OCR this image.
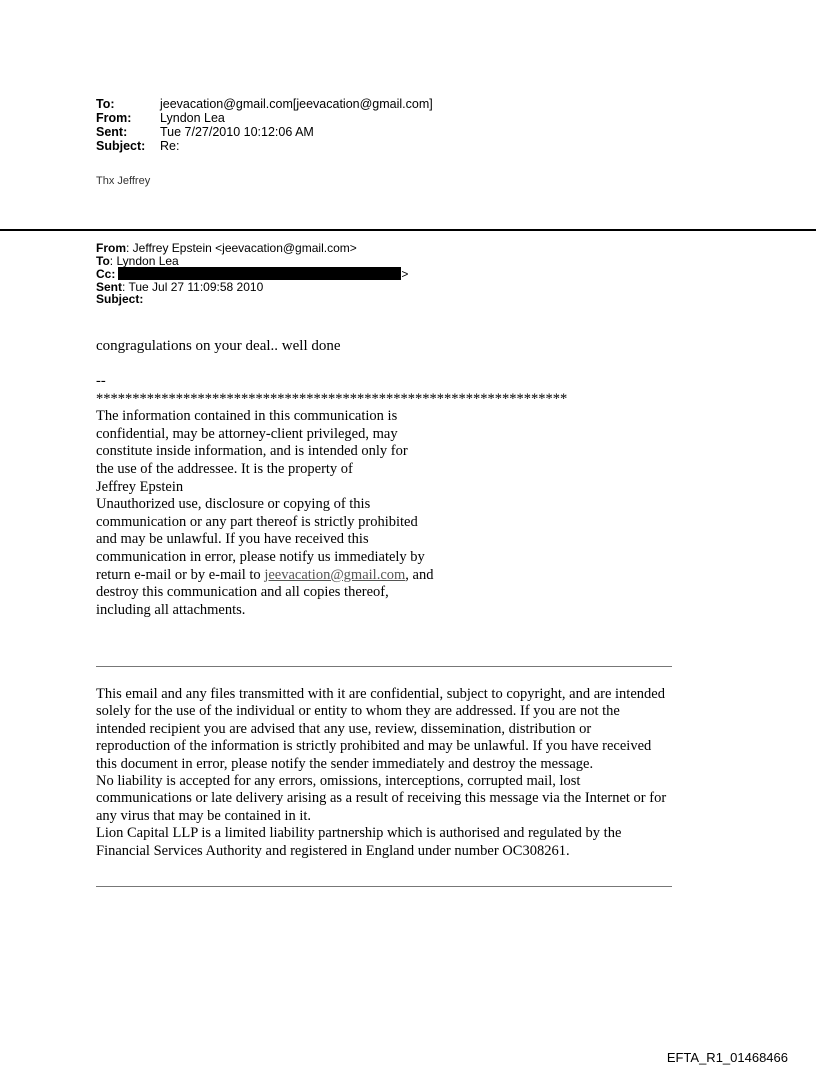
To:	jeevacation@gmail.com[jeevacation@gmail.com]
From:	Lyndon Lea
Sent:	Tue 7/27/2010 10:12:06 AM
Subject:	Re:
Thx Jeffrey
From: Jeffrey Epstein <jeevacation@gmail.com>
To: Lyndon Lea
Cc:	>
Sent: Tue Jul 27 11:09:58 2010
Subject:
congragulations on your deal.. well done
--
*****************************************************************
The information contained in this communication is
confidential, may be attorney-client privileged, may
constitute inside information, and is intended only for
the use of the addressee. It is the property of
Jeffrey Epstein
Unauthorized use, disclosure or copying of this
communication or any part thereof is strictly prohibited
and may be unlawful. If you have received this
communication in error, please notify us immediately by
return e-mail or by e-mail to jeevacation@gmail.com, and
destroy this communication and all copies thereof,
including all attachments.
This email and any files transmitted with it are confidential, subject to copyright, and are intended
solely for the use of the individual or entity to whom they are addressed. If you are not the
intended recipient you are advised that any use, review, dissemination, distribution or
reproduction of the information is strictly prohibited and may be unlawful. If you have received
this document in error, please notify the sender immediately and destroy the message.
No liability is accepted for any errors, omissions, interceptions, corrupted mail, lost
communications or late delivery arising as a result of receiving this message via the Internet or for
any virus that may be contained in it.
Lion Capital LLP is a limited liability partnership which is authorised and regulated by the
Financial Services Authority and registered in England under number OC308261.
EFTA_R1_01468466
